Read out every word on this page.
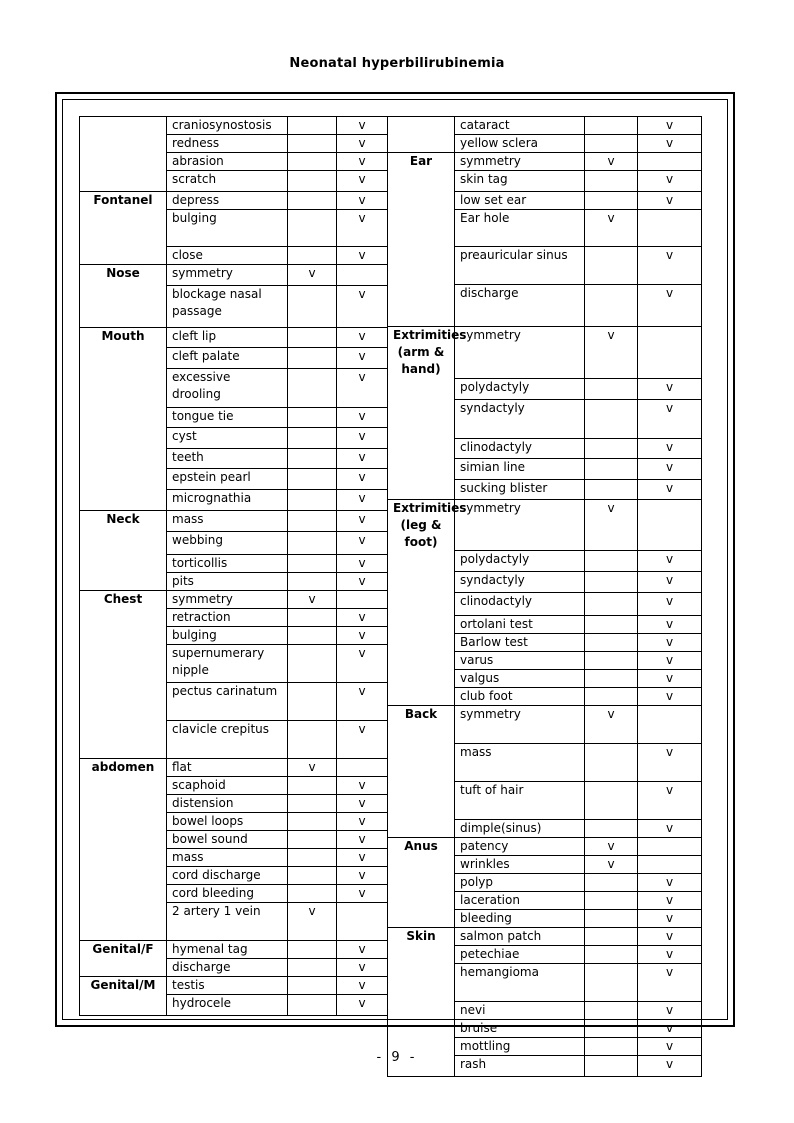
Neonatal hyperbilirubinemia
	craniosynostosis		v
	redness		v
	abrasion		v
	scratch		v
Fontanel	depress		v
	bulging		v
	close		v
Nose	symmetry	v	
	blockage nasal passage		v
Mouth	cleft lip		v
	cleft palate		v
	excessive drooling		v
	tongue tie		v
	cyst		v
	teeth		v
	epstein pearl		v
	micrognathia		v
Neck	mass		v
	webbing		v
	torticollis		v
	pits		v
Chest	symmetry	v	
	retraction		v
	bulging		v
	supernumerary nipple		v
	pectus carinatum		v
	clavicle crepitus		v
abdomen	flat	v	
	scaphoid		v
	distension		v
	bowel loops		v
	bowel sound		v
	mass		v
	cord discharge		v
	cord bleeding		v
	2 artery 1 vein	v	
Genital/F	hymenal tag		v
	discharge		v
Genital/M	testis		v
	hydrocele		v
	cataract		v
	yellow sclera		v
Ear	symmetry	v	
	skin tag		v
	low set ear		v
	Ear hole	v	
	preauricular sinus		v
	discharge		v
Extrimities (arm & hand)	symmetry	v	
	polydactyly		v
	syndactyly		v
	clinodactyly		v
	simian line		v
	sucking blister		v
Extrimities (leg & foot)	symmetry	v	
	polydactyly		v
	syndactyly		v
	clinodactyly		v
	ortolani test		v
	Barlow test		v
	varus		v
	valgus		v
	club foot		v
Back	symmetry	v	
	mass		v
	tuft of hair		v
	dimple(sinus)		v
Anus	patency	v	
	wrinkles	v	
	polyp		v
	laceration		v
	bleeding		v
Skin	salmon patch		v
	petechiae		v
	hemangioma		v
	nevi		v
	bruise		v
	mottling		v
	rash		v
- 9 -
